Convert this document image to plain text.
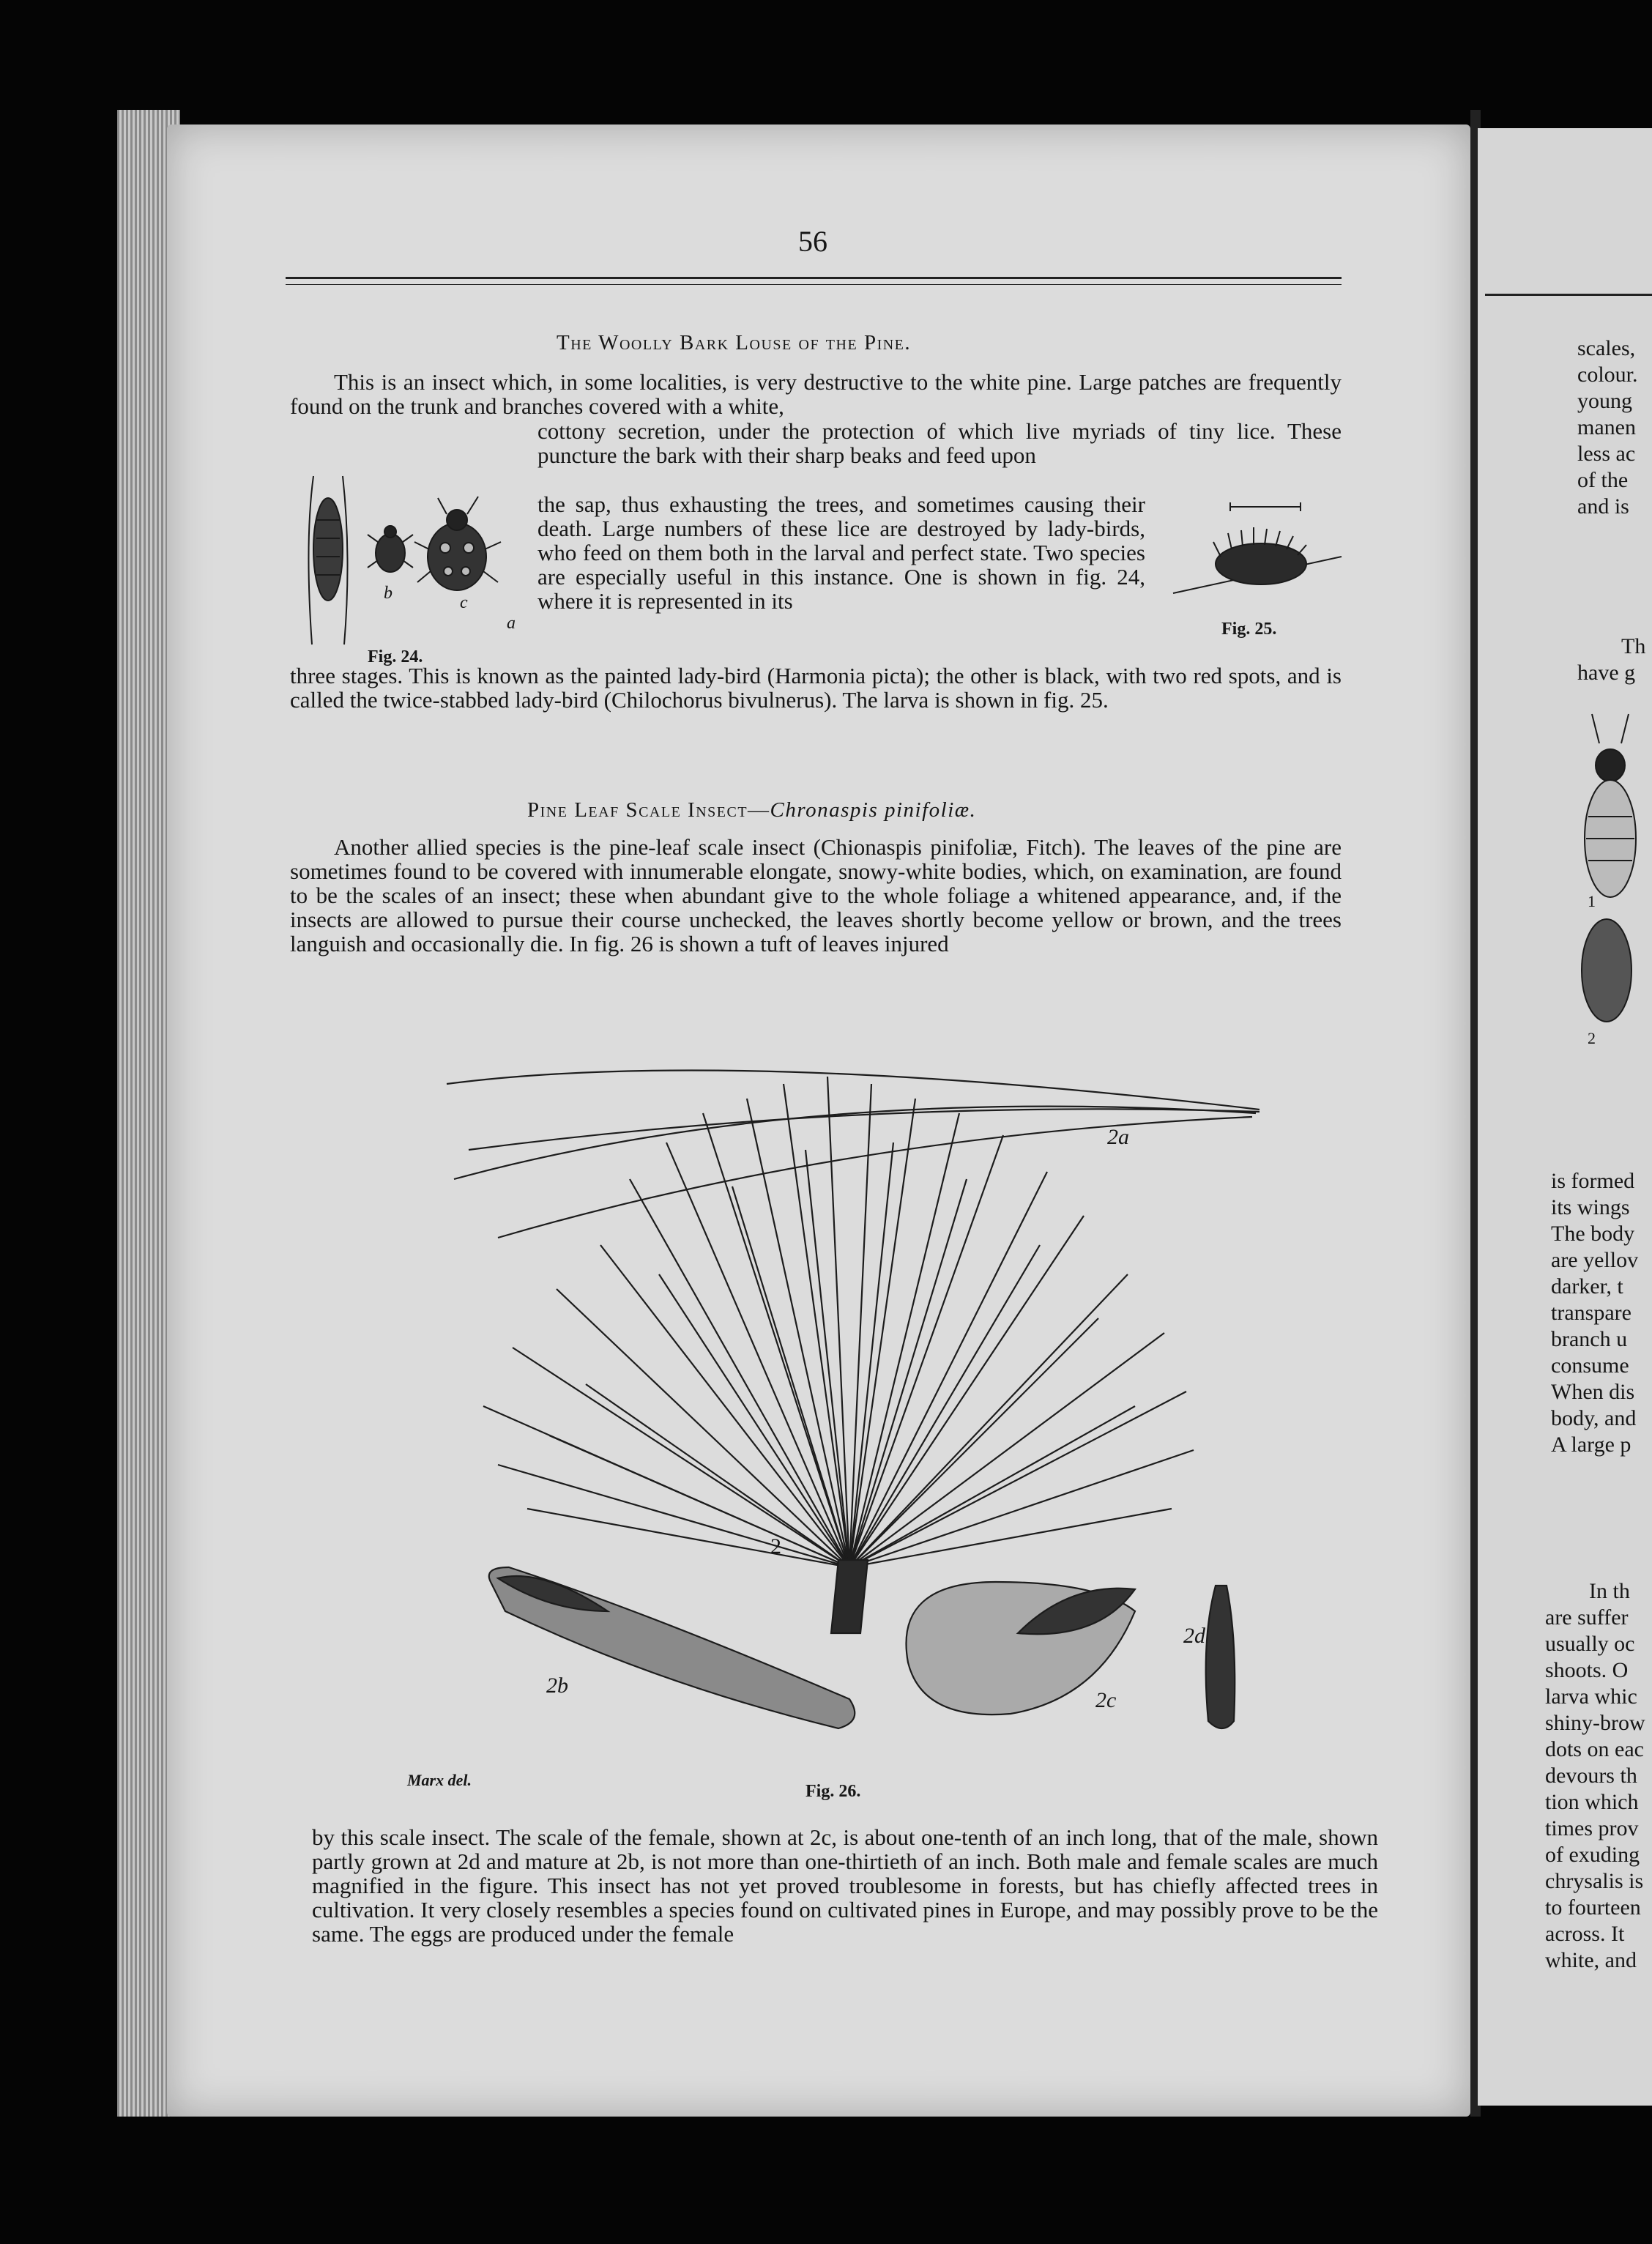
56
The Woolly Bark Louse of the Pine.
This is an insect which, in some localities, is very destructive to the white pine. Large patches are frequently found on the trunk and branches covered with a white,
cottony secretion, under the protection of which live myriads of tiny lice. These puncture the bark with their sharp beaks and feed upon
the sap, thus exhausting the trees, and sometimes causing their death. Large numbers of these lice are destroyed by lady-birds, who feed on them both in the larval and perfect state. Two species are especially useful in this instance. One is shown in fig. 24, where it is represented in its
three stages. This is known as the painted lady-bird (Harmonia picta); the other is black, with two red spots, and is called the twice-stabbed lady-bird (Chilochorus bivulnerus). The larva is shown in fig. 25.
b	c
a
Fig. 24.
Fig. 25.
Pine Leaf Scale Insect—Chronaspis pinifoliæ.
Another allied species is the pine-leaf scale insect (Chionaspis pinifoliæ, Fitch). The leaves of the pine are sometimes found to be covered with innumerable elongate, snowy-white bodies, which, on examination, are found to be the scales of an insect; these when abundant give to the whole foliage a whitened appearance, and, if the insects are allowed to pursue their course unchecked, the leaves shortly become yellow or brown, and the trees languish and occasionally die. In fig. 26 is shown a tuft of leaves injured
2a
2
2b
2c
2d
Marx del.
Fig. 26.
by this scale insect. The scale of the female, shown at 2c, is about one-tenth of an inch long, that of the male, shown partly grown at 2d and mature at 2b, is not more than one-thirtieth of an inch. Both male and female scales are much magnified in the figure. This insect has not yet proved troublesome in forests, but has chiefly affected trees in cultivation. It very closely resembles a species found on cultivated pines in Europe, and may possibly prove to be the same. The eggs are produced under the female
scales,
colour.
young
manen
less ac
of the
and is
Th
have g
1
2
is formed
its wings
The body
are yellov
darker, t
transpare
branch u
consume
When dis
body, and
A large p
In th
are suffer
usually oc
shoots. O
larva whic
shiny-brow
dots on eac
devours th
tion which
times prov
of exuding
chrysalis is
to fourteen
across. It
white, and
